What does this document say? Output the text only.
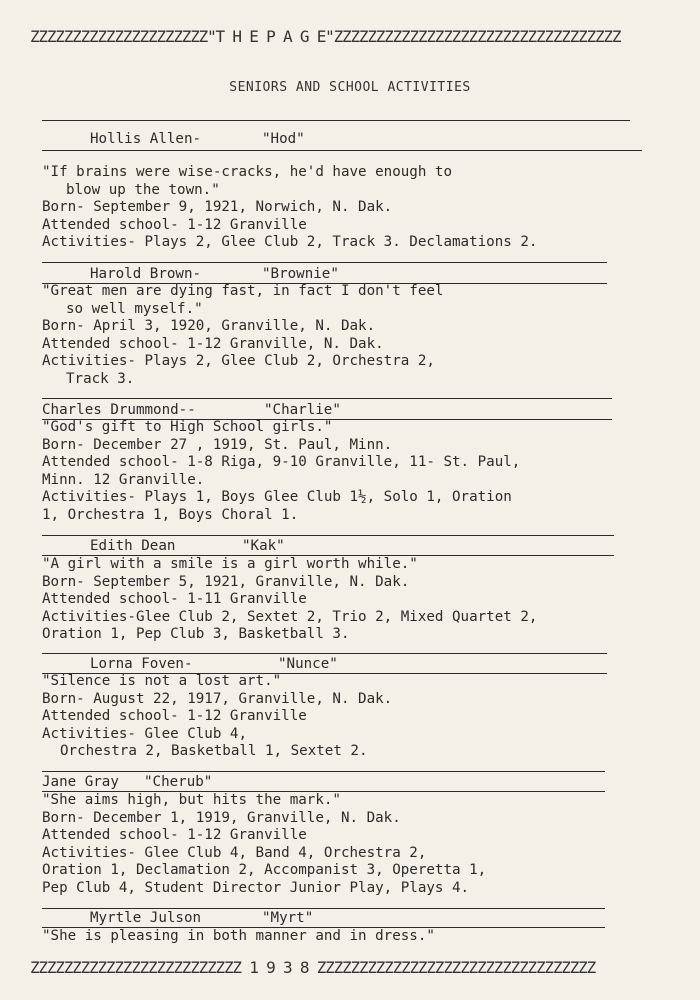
ZZZZZZZZZZZZZZZZZZZZZ"T H E P A G E"ZZZZZZZZZZZZZZZZZZZZZZZZZZZZZZZZZZ
SENIORS AND SCHOOL ACTIVITIES
Hollis Allen-	"Hod"
"If brains were wise-cracks, he'd have enough to
blow up the town."
Born- September 9, 1921, Norwich, N. Dak.
Attended school- 1-12 Granville
Activities- Plays 2, Glee Club 2, Track 3. Declamations 2.
Harold Brown-	"Brownie"
"Great men are dying fast, in fact I don't feel
so well myself."
Born- April 3, 1920, Granville, N. Dak.
Attended school- 1-12 Granville, N. Dak.
Activities- Plays 2, Glee Club 2, Orchestra 2,
Track 3.
Charles Drummond--	"Charlie"
"God's gift to High School girls."
Born- December 27 , 1919, St. Paul, Minn.
Attended school- 1-8 Riga, 9-10 Granville, 11- St. Paul,
Minn. 12 Granville.
Activities- Plays 1, Boys Glee Club 1½, Solo 1, Oration
1, Orchestra 1, Boys Choral 1.
Edith Dean	"Kak"
"A girl with a smile is a girl worth while."
Born- September 5, 1921, Granville, N. Dak.
Attended school- 1-11 Granville
Activities-Glee Club 2, Sextet 2, Trio 2, Mixed Quartet 2,
Oration 1, Pep Club 3, Basketball 3.
Lorna Foven-	"Nunce"
"Silence is not a lost art."
Born- August 22, 1917, Granville, N. Dak.
Attended school- 1-12 Granville
Activities- Glee Club 4,
Orchestra 2, Basketball 1, Sextet 2.
Jane Gray "Cherub"
"She aims high, but hits the mark."
Born- December 1, 1919, Granville, N. Dak.
Attended school- 1-12 Granville
Activities- Glee Club 4, Band 4, Orchestra 2,
Oration 1, Declamation 2, Accompanist 3, Operetta 1,
Pep Club 4, Student Director Junior Play, Plays 4.
Myrtle Julson	"Myrt"
"She is pleasing in both manner and in dress."
ZZZZZZZZZZZZZZZZZZZZZZZZZ 1 9 3 8 ZZZZZZZZZZZZZZZZZZZZZZZZZZZZZZZZZ
